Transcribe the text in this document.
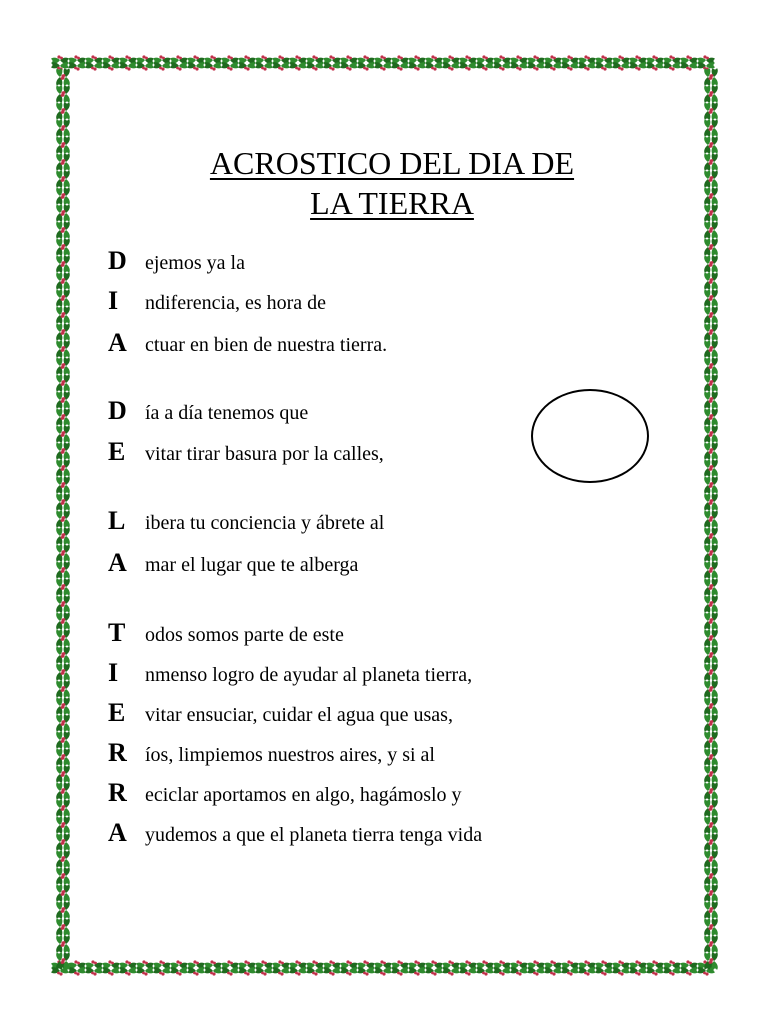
ACROSTICO DEL DIA DE
LA TIERRA
D ejemos ya la
I ndiferencia, es hora de
A ctuar en bien de nuestra tierra.
D ía a día tenemos que
E vitar tirar basura por la calles,
L ibera tu conciencia y ábrete al
A mar el lugar que te alberga
T odos somos parte de este
I nmenso logro de ayudar al planeta tierra,
E vitar ensuciar, cuidar el agua que usas,
R íos, limpiemos nuestros aires, y si al
R eciclar aportamos en algo, hagámoslo y
A yudemos a que el planeta tierra tenga vida
